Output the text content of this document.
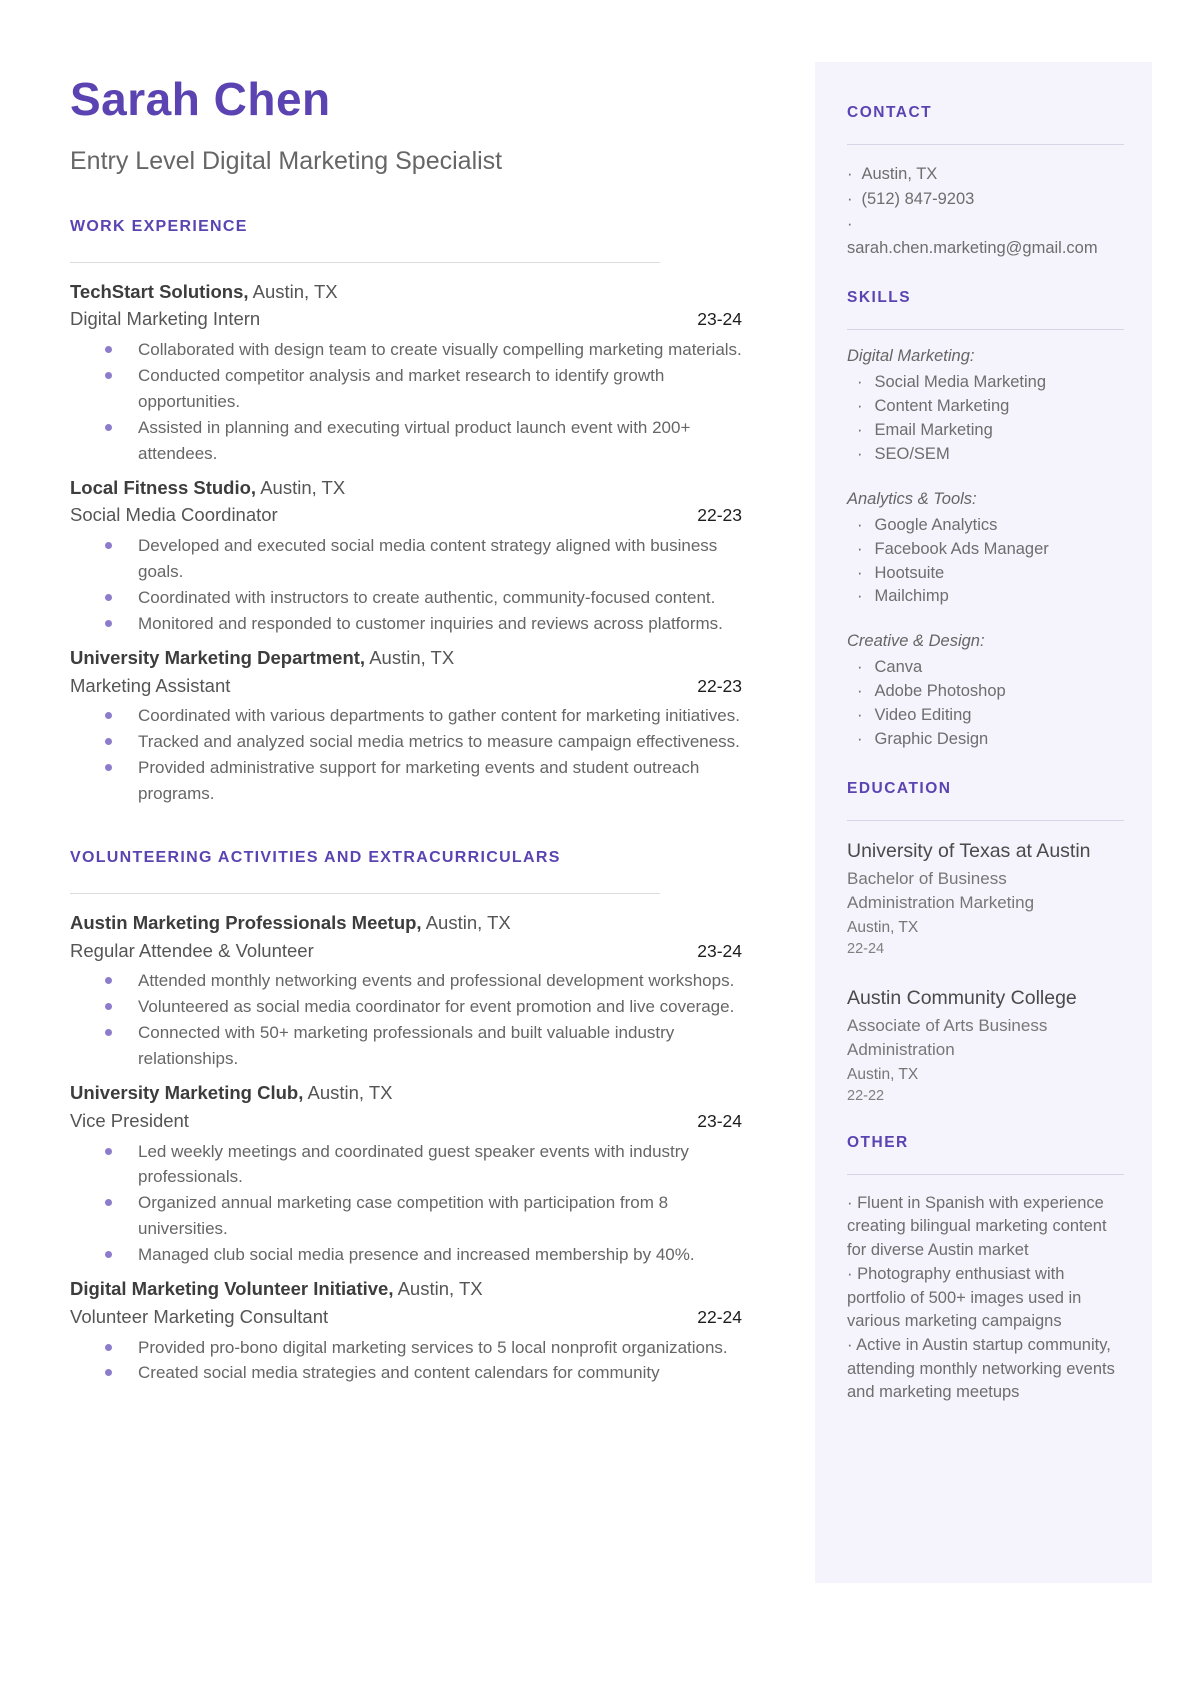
Sarah Chen
Entry Level Digital Marketing Specialist
WORK EXPERIENCE
TechStart Solutions, Austin, TX
Digital Marketing Intern	23-24
Collaborated with design team to create visually compelling marketing materials.
Conducted competitor analysis and market research to identify growth opportunities.
Assisted in planning and executing virtual product launch event with 200+ attendees.
Local Fitness Studio, Austin, TX
Social Media Coordinator	22-23
Developed and executed social media content strategy aligned with business goals.
Coordinated with instructors to create authentic, community-focused content.
Monitored and responded to customer inquiries and reviews across platforms.
University Marketing Department, Austin, TX
Marketing Assistant	22-23
Coordinated with various departments to gather content for marketing initiatives.
Tracked and analyzed social media metrics to measure campaign effectiveness.
Provided administrative support for marketing events and student outreach programs.
VOLUNTEERING ACTIVITIES AND EXTRACURRICULARS
Austin Marketing Professionals Meetup, Austin, TX
Regular Attendee & Volunteer	23-24
Attended monthly networking events and professional development workshops.
Volunteered as social media coordinator for event promotion and live coverage.
Connected with 50+ marketing professionals and built valuable industry relationships.
University Marketing Club, Austin, TX
Vice President	23-24
Led weekly meetings and coordinated guest speaker events with industry professionals.
Organized annual marketing case competition with participation from 8 universities.
Managed club social media presence and increased membership by 40%.
Digital Marketing Volunteer Initiative, Austin, TX
Volunteer Marketing Consultant	22-24
Provided pro-bono digital marketing services to 5 local nonprofit organizations.
Created social media strategies and content calendars for community
CONTACT
· Austin, TX
· (512) 847-9203
· sarah.chen.marketing@gmail.com
SKILLS
Digital Marketing:
· Social Media Marketing
· Content Marketing
· Email Marketing
· SEO/SEM
Analytics & Tools:
· Google Analytics
· Facebook Ads Manager
· Hootsuite
· Mailchimp
Creative & Design:
· Canva
· Adobe Photoshop
· Video Editing
· Graphic Design
EDUCATION
University of Texas at Austin
Bachelor of Business Administration Marketing
Austin, TX
22-24
Austin Community College
Associate of Arts Business Administration
Austin, TX
22-22
OTHER
· Fluent in Spanish with experience creating bilingual marketing content for diverse Austin market
· Photography enthusiast with portfolio of 500+ images used in various marketing campaigns
· Active in Austin startup community, attending monthly networking events and marketing meetups
